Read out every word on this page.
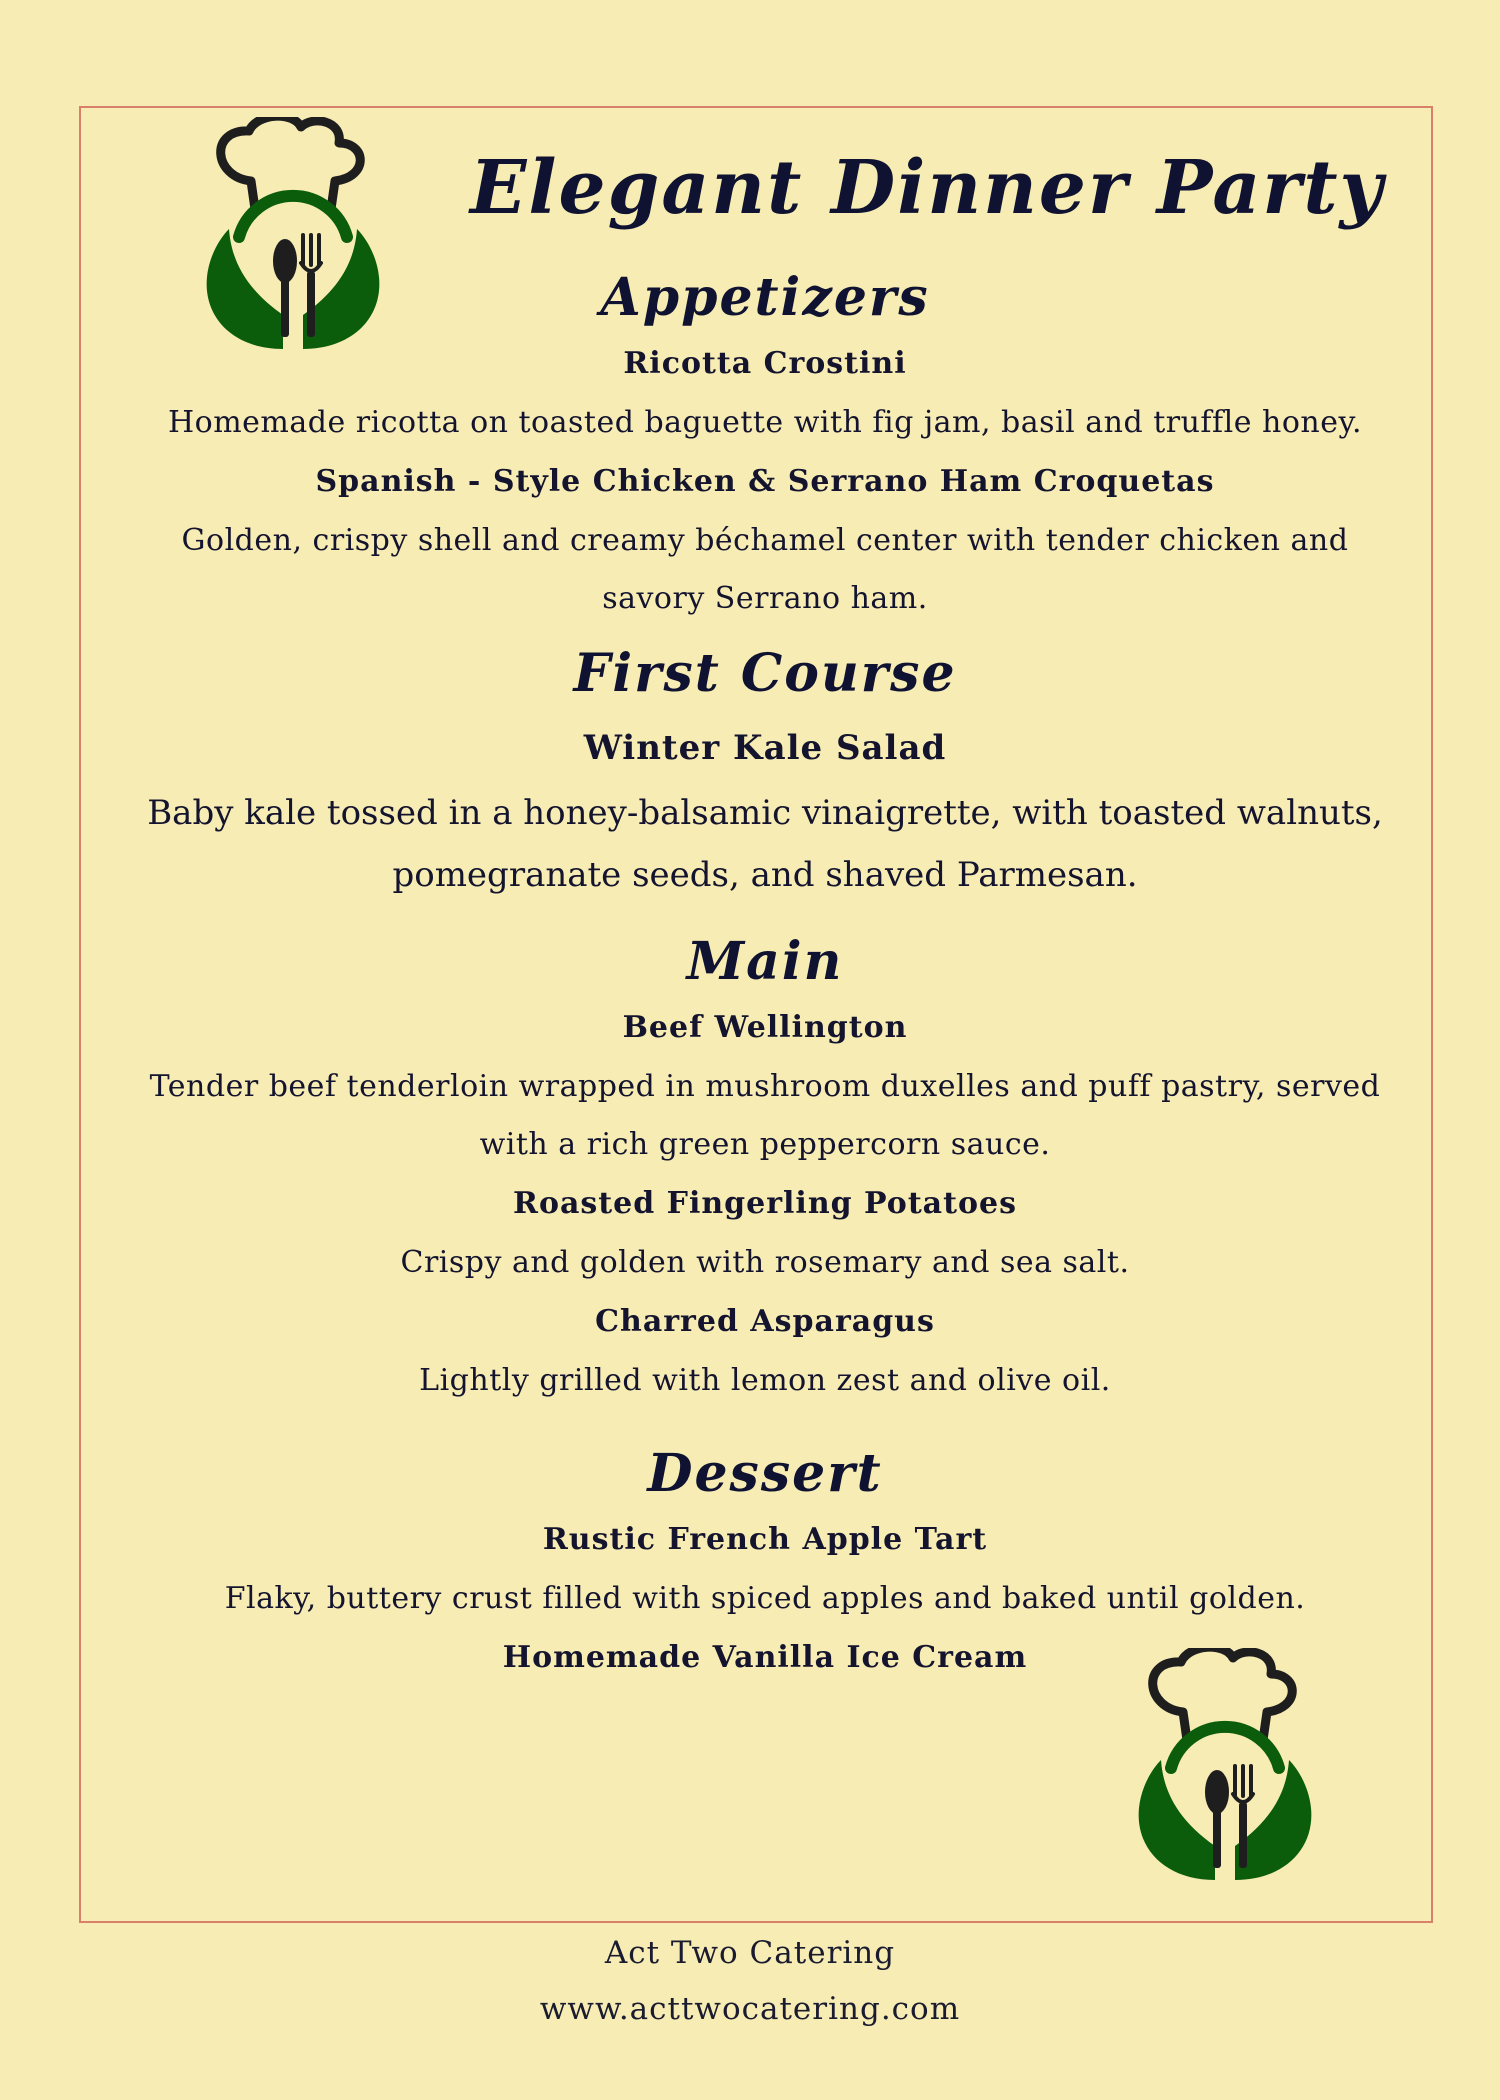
Elegant Dinner Party
Appetizers
Ricotta Crostini
Homemade ricotta on toasted baguette with fig jam, basil and truffle honey.
Spanish - Style Chicken & Serrano Ham Croquetas
Golden, crispy shell and creamy béchamel center with tender chicken and savory Serrano ham.
First Course
Winter Kale Salad
Baby kale tossed in a honey-balsamic vinaigrette, with toasted walnuts, pomegranate seeds, and shaved Parmesan.
Main
Beef Wellington
Tender beef tenderloin wrapped in mushroom duxelles and puff pastry, served with a rich green peppercorn sauce.
Roasted Fingerling Potatoes
Crispy and golden with rosemary and sea salt.
Charred Asparagus
Lightly grilled with lemon zest and olive oil.
Dessert
Rustic French Apple Tart
Flaky, buttery crust filled with spiced apples and baked until golden.
Homemade Vanilla Ice Cream
Act Two Catering
www.acttwocatering.com
